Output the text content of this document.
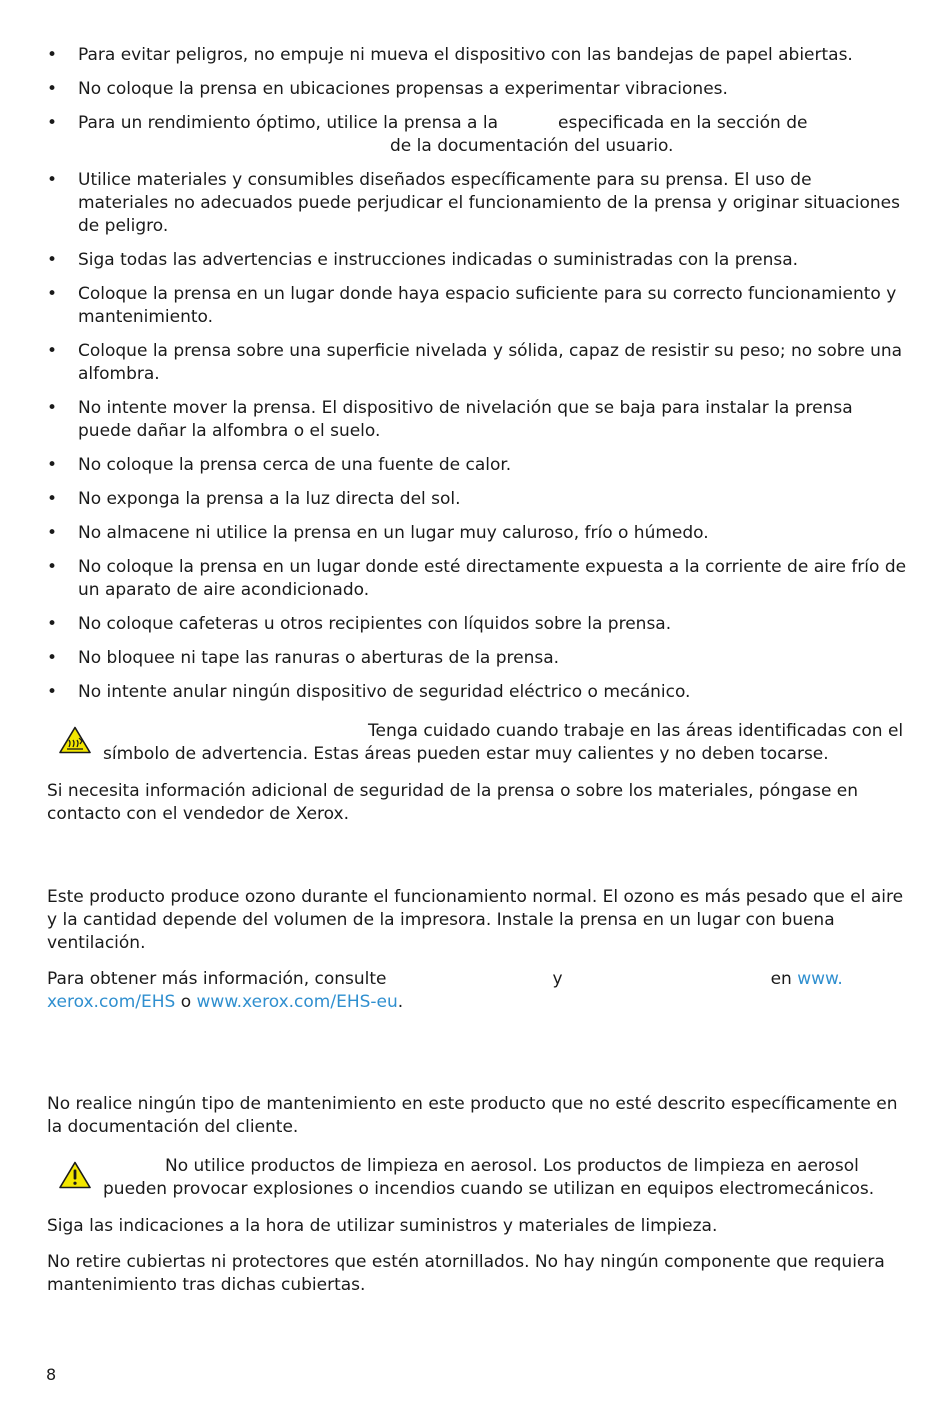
• Para evitar peligros, no empuje ni mueva el dispositivo con las bandejas de papel abiertas.
• No coloque la prensa en ubicaciones propensas a experimentar vibraciones.
• Para un rendimiento óptimo, utilice la prensa a la	especificada en la sección de
de la documentación del usuario.
• Utilice materiales y consumibles diseñados específicamente para su prensa. El uso de materiales no adecuados puede perjudicar el funcionamiento de la prensa y originar situaciones de peligro.
• Siga todas las advertencias e instrucciones indicadas o suministradas con la prensa.
• Coloque la prensa en un lugar donde haya espacio suficiente para su correcto funcionamiento y mantenimiento.
• Coloque la prensa sobre una superficie nivelada y sólida, capaz de resistir su peso; no sobre una alfombra.
• No intente mover la prensa. El dispositivo de nivelación que se baja para instalar la prensa puede dañar la alfombra o el suelo.
• No coloque la prensa cerca de una fuente de calor.
• No exponga la prensa a la luz directa del sol.
• No almacene ni utilice la prensa en un lugar muy caluroso, frío o húmedo.
• No coloque la prensa en un lugar donde esté directamente expuesta a la corriente de aire frío de un aparato de aire acondicionado.
• No coloque cafeteras u otros recipientes con líquidos sobre la prensa.
• No bloquee ni tape las ranuras o aberturas de la prensa.
• No intente anular ningún dispositivo de seguridad eléctrico o mecánico.
Tenga cuidado cuando trabaje en las áreas identificadas con el símbolo de advertencia. Estas áreas pueden estar muy calientes y no deben tocarse.

Si necesita información adicional de seguridad de la prensa o sobre los materiales, póngase en contacto con el vendedor de Xerox.

Este producto produce ozono durante el funcionamiento normal. El ozono es más pesado que el aire y la cantidad depende del volumen de la impresora. Instale la prensa en un lugar con buena ventilación.

Para obtener más información, consulte	y	en www.
xerox.com/EHS o www.xerox.com/EHS-eu.

No realice ningún tipo de mantenimiento en este producto que no esté descrito específicamente en la documentación del cliente.

No utilice productos de limpieza en aerosol. Los productos de limpieza en aerosol pueden provocar explosiones o incendios cuando se utilizan en equipos electromecánicos.

Siga las indicaciones a la hora de utilizar suministros y materiales de limpieza.

No retire cubiertas ni protectores que estén atornillados. No hay ningún componente que requiera mantenimiento tras dichas cubiertas.

8
